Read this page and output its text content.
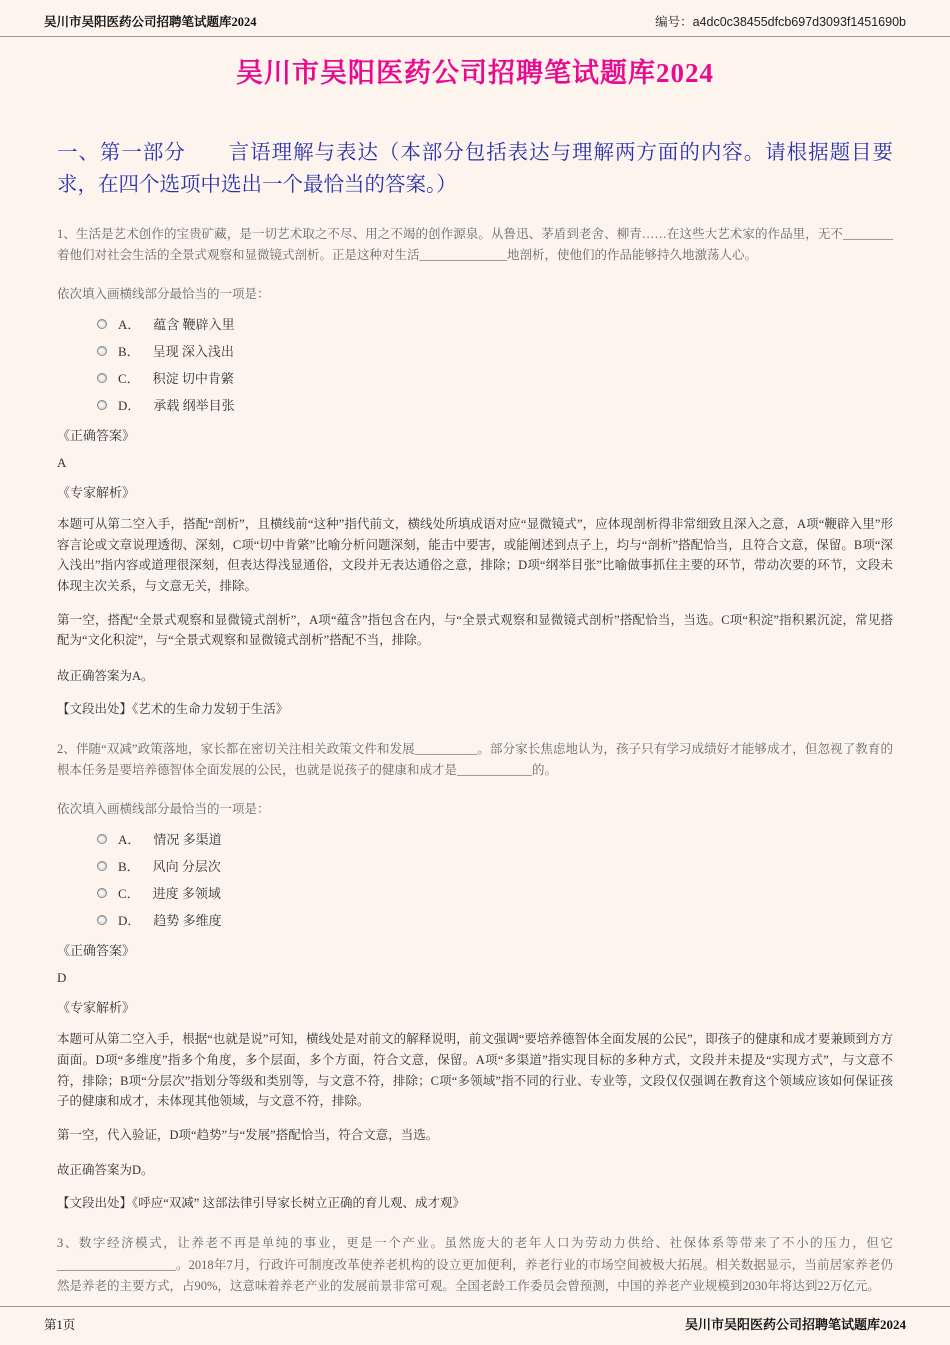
吴川市吴阳医药公司招聘笔试题库2024	编号：a4dc0c38455dfcb697d3093f1451690b
吴川市吴阳医药公司招聘笔试题库2024
一、第一部分　　言语理解与表达（本部分包括表达与理解两方面的内容。请根据题目要求，在四个选项中选出一个最恰当的答案。）
1、生活是艺术创作的宝贵矿藏，是一切艺术取之不尽、用之不竭的创作源泉。从鲁迅、茅盾到老舍、柳青……在这些大艺术家的作品里，无不________着他们对社会生活的全景式观察和显微镜式剖析。正是这种对生活______________地剖析，使他们的作品能够持久地激荡人心。
依次填入画横线部分最恰当的一项是：
A． 蕴含 鞭辟入里
B． 呈现 深入浅出
C． 积淀 切中肯綮
D． 承载 纲举目张
《正确答案》
A
《专家解析》
本题可从第二空入手，搭配“剖析”，且横线前“这种”指代前文，横线处所填成语对应“显微镜式”，应体现剖析得非常细致且深入之意，A项“鞭辟入里”形容言论或文章说理透彻、深刻，C项“切中肯綮”比喻分析问题深刻，能击中要害，或能阐述到点子上，均与“剖析”搭配恰当，且符合文意，保留。B项“深入浅出”指内容或道理很深刻，但表达得浅显通俗，文段并无表达通俗之意，排除；D项“纲举目张”比喻做事抓住主要的环节，带动次要的环节，文段未体现主次关系，与文意无关，排除。
第一空，搭配“全景式观察和显微镜式剖析”，A项“蕴含”指包含在内，与“全景式观察和显微镜式剖析”搭配恰当，当选。C项“积淀”指积累沉淀，常见搭配为“文化积淀”，与“全景式观察和显微镜式剖析”搭配不当，排除。
故正确答案为A。
【文段出处】《艺术的生命力发轫于生活》
2、伴随“双减”政策落地，家长都在密切关注相关政策文件和发展__________。部分家长焦虑地认为，孩子只有学习成绩好才能够成才，但忽视了教育的根本任务是要培养德智体全面发展的公民，也就是说孩子的健康和成才是____________的。
依次填入画横线部分最恰当的一项是：
A． 情况 多渠道
B． 风向 分层次
C． 进度 多领域
D． 趋势 多维度
《正确答案》
D
《专家解析》
本题可从第二空入手，根据“也就是说”可知，横线处是对前文的解释说明，前文强调“要培养德智体全面发展的公民”，即孩子的健康和成才要兼顾到方方面面。D项“多维度”指多个角度，多个层面，多个方面，符合文意，保留。A项“多渠道”指实现目标的多种方式，文段并未提及“实现方式”，与文意不符，排除；B项“分层次”指划分等级和类别等，与文意不符，排除；C项“多领域”指不同的行业、专业等，文段仅仅强调在教育这个领域应该如何保证孩子的健康和成才，未体现其他领域，与文意不符，排除。
第一空，代入验证，D项“趋势”与“发展”搭配恰当，符合文意，当选。
故正确答案为D。
【文段出处】《呼应“双减” 这部法律引导家长树立正确的育儿观、成才观》
3、数字经济模式，让养老不再是单纯的事业，更是一个产业。虽然庞大的老年人口为劳动力供给、社保体系等带来了不小的压力，但它___________________。2018年7月，行政许可制度改革使养老机构的设立更加便利，养老行业的市场空间被极大拓展。相关数据显示，当前居家养老仍然是养老的主要方式，占90%，这意味着养老产业的发展前景非常可观。全国老龄工作委员会曾预测，中国的养老产业规模到2030年将达到22万亿元。
第1页	吴川市吴阳医药公司招聘笔试题库2024
